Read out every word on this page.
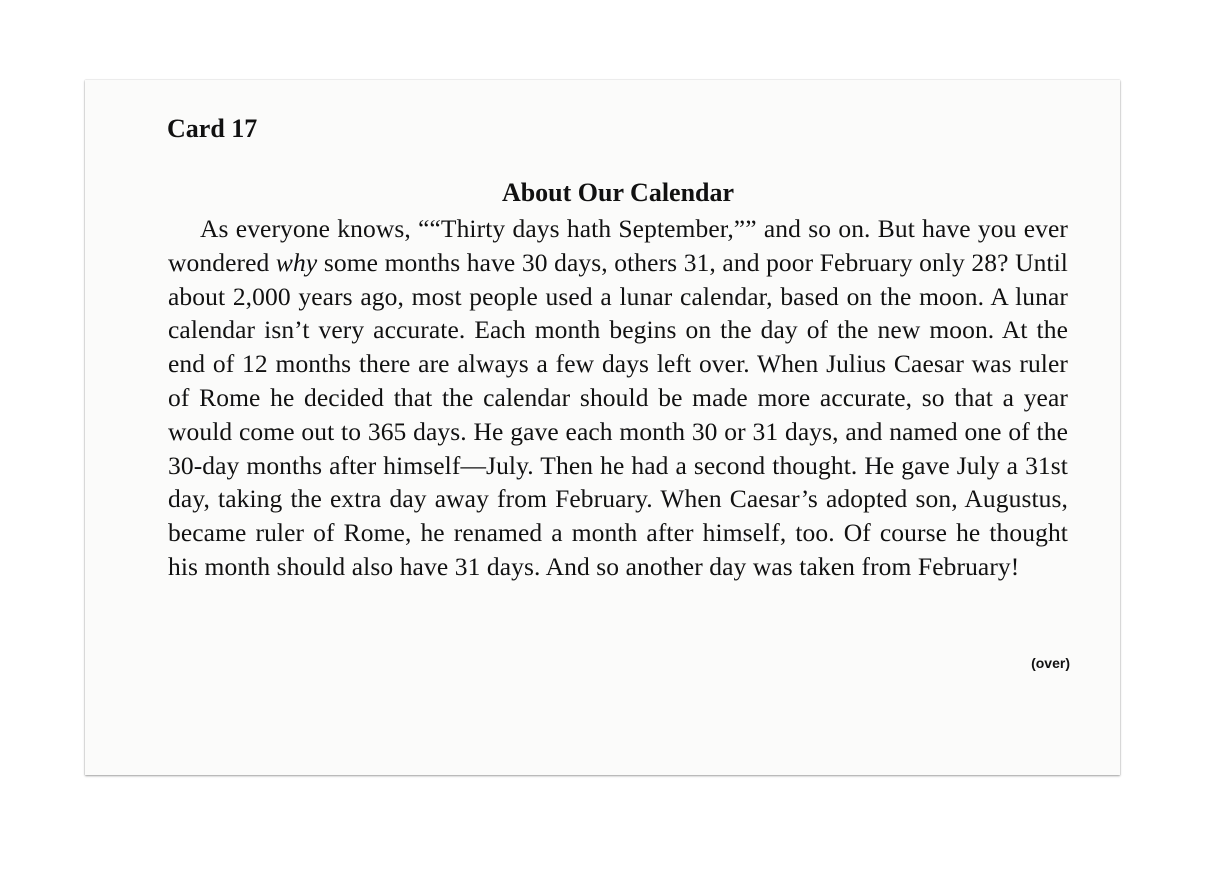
Card 17

About Our Calendar

As everyone knows, ““Thirty days hath September,”” and so on. But have you ever wondered why some months have 30 days, others 31, and poor February only 28? Until about 2,000 years ago, most people used a lunar calendar, based on the moon. A lunar calendar isn’t very accurate. Each month begins on the day of the new moon. At the end of 12 months there are always a few days left over. When Julius Caesar was ruler of Rome he decided that the calendar should be made more accurate, so that a year would come out to 365 days. He gave each month 30 or 31 days, and named one of the 30-day months after himself—July. Then he had a second thought. He gave July a 31st day, taking the extra day away from February. When Caesar’s adopted son, Augustus, became ruler of Rome, he renamed a month after himself, too. Of course he thought his month should also have 31 days. And so another day was taken from February!

(over)
